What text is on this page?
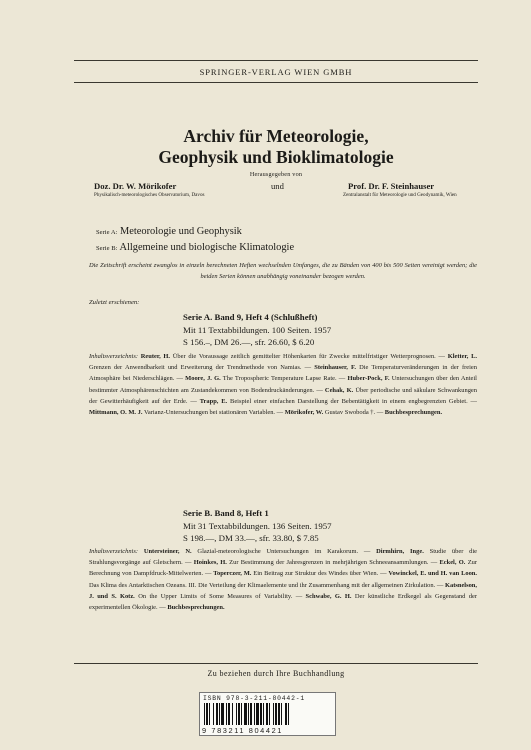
SPRINGER-VERLAG WIEN GMBH
Archiv für Meteorologie,
Geophysik und Bioklimatologie
Herausgegeben von
Doz. Dr. W. Mörikofer
Physikalisch-meteorologisches Observatorium, Davos
und	Prof. Dr. F. Steinhauser
Zentralanstalt für Meteorologie und Geodynamik, Wien
Serie A: Meteorologie und Geophysik
Serie B: Allgemeine und biologische Klimatologie
Die Zeitschrift erscheint zwanglos in einzeln berechneten Heften wechselnden Umfanges, die zu Bänden von 400 bis 500 Seiten vereinigt werden; die beiden Serien können unabhängig voneinander bezogen werden.
Zuletzt erschienen:
Serie A. Band 9, Heft 4 (Schlußheft)
Mit 11 Textabbildungen. 100 Seiten. 1957
S 156.–, DM 26.—, sfr. 26.60, $ 6.20
Inhaltsverzeichnis: Reuter, H. Über die Voraussage zeitlich gemittelter Höhenkarten für Zwecke mittelfristiger Wetterprognosen. — Kletter, L. Grenzen der Anwendbarkeit und Erweiterung der Trendmethode von Namias. — Steinhauser, F. Die Temperaturveränderungen in der freien Atmosphäre bei Niederschlägen. — Moore, J. G. The Tropospheric Temperature Lapse Rate. — Huber-Pock, F. Untersuchungen über den Anteil bestimmter Atmosphärenschichten am Zustandekommen von Bodendruckänderungen. — Cehak, K. Über periodische und säkulare Schwankungen der Gewitterhäufigkeit auf der Erde. — Trapp, E. Beispiel einer einfachen Darstellung der Bebentätigkeit in einem engbegrenzten Gebiet. — Mittmann, O. M. J. Varianz-Untersuchungen bei stationären Variablen. — Mörikofer, W. Gustav Swoboda †. — Buchbesprechungen.
Serie B. Band 8, Heft 1
Mit 31 Textabbildungen. 136 Seiten. 1957
S 198.—, DM 33.—, sfr. 33.80, $ 7.85
Inhaltsverzeichnis: Untersteiner, N. Glazial-meteorologische Untersuchungen im Karakorum. — Dirmhirn, Inge. Studie über die Strahlungsvorgänge auf Gletschern. — Hoinkes, H. Zur Bestimmung der Jahresgrenzen in mehrjährigen Schneeansammlungen. — Eckel, O. Zur Berechnung von Dampfdruck-Mittelwerten. — Toperczer, M. Ein Beitrag zur Struktur des Windes über Wien. — Vowinckel, E. und H. van Loon. Das Klima des Antarktischen Ozeans. III. Die Verteilung der Klimaelemente und ihr Zusammenhang mit der allgemeinen Zirkulation. — Katsnelson, J. und S. Kotz. On the Upper Limits of Some Measures of Variability. — Schwabe, G. H. Der künstliche Erdkegel als Gegenstand der experimentellen Ökologie. — Buchbesprechungen.
Zu beziehen durch Ihre Buchhandlung
ISBN 978-3-211-80442-1
9 783211 804421
